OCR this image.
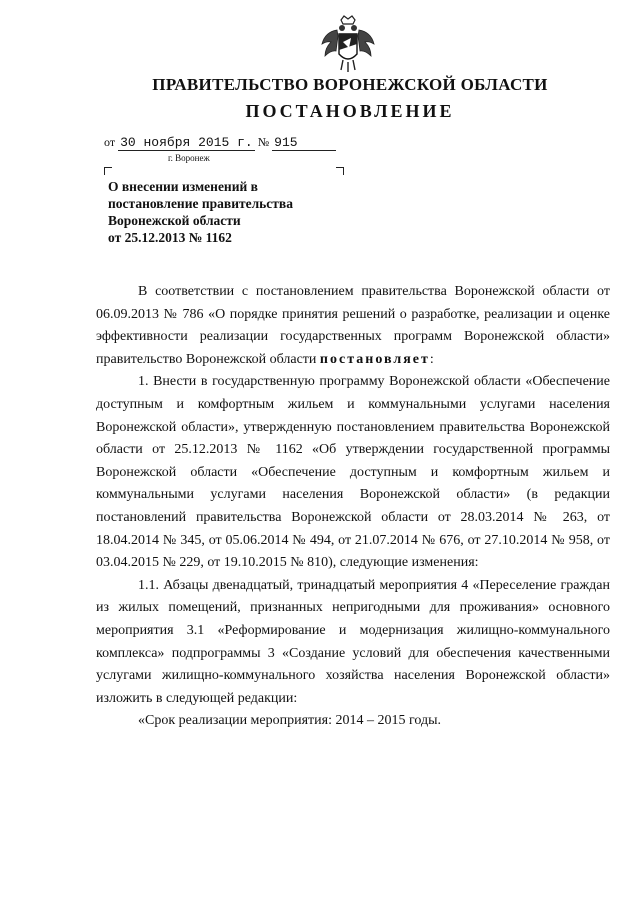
ПРАВИТЕЛЬСТВО ВОРОНЕЖСКОЙ ОБЛАСТИ
ПОСТАНОВЛЕНИЕ
от 30 ноября 2015 г. № 915
г. Воронеж
О внесении изменений в
постановление правительства
Воронежской области
от 25.12.2013 № 1162

В соответствии с постановлением правительства Воронежской области от 06.09.2013 № 786 «О порядке принятия решений о разработке, реализации и оценке эффективности реализации государственных программ Воронежской области» правительство Воронежской области постановляет:

1. Внести в государственную программу Воронежской области «Обеспечение доступным и комфортным жильем и коммунальными услугами населения Воронежской области», утвержденную постановлением правительства Воронежской области от 25.12.2013 № 1162 «Об утверждении государственной программы Воронежской области «Обеспечение доступным и комфортным жильем и коммунальными услугами населения Воронежской области» (в редакции постановлений правительства Воронежской области от 28.03.2014 № 263, от 18.04.2014 № 345, от 05.06.2014 № 494, от 21.07.2014 № 676, от 27.10.2014 № 958, от 03.04.2015 № 229, от 19.10.2015 № 810), следующие изменения:

1.1. Абзацы двенадцатый, тринадцатый мероприятия 4 «Переселение граждан из жилых помещений, признанных непригодными для проживания» основного мероприятия 3.1 «Реформирование и модернизация жилищно-коммунального комплекса» подпрограммы 3 «Создание условий для обеспечения качественными услугами жилищно-коммунального хозяйства населения Воронежской области» изложить в следующей редакции:

«Срок реализации мероприятия: 2014 – 2015 годы.
